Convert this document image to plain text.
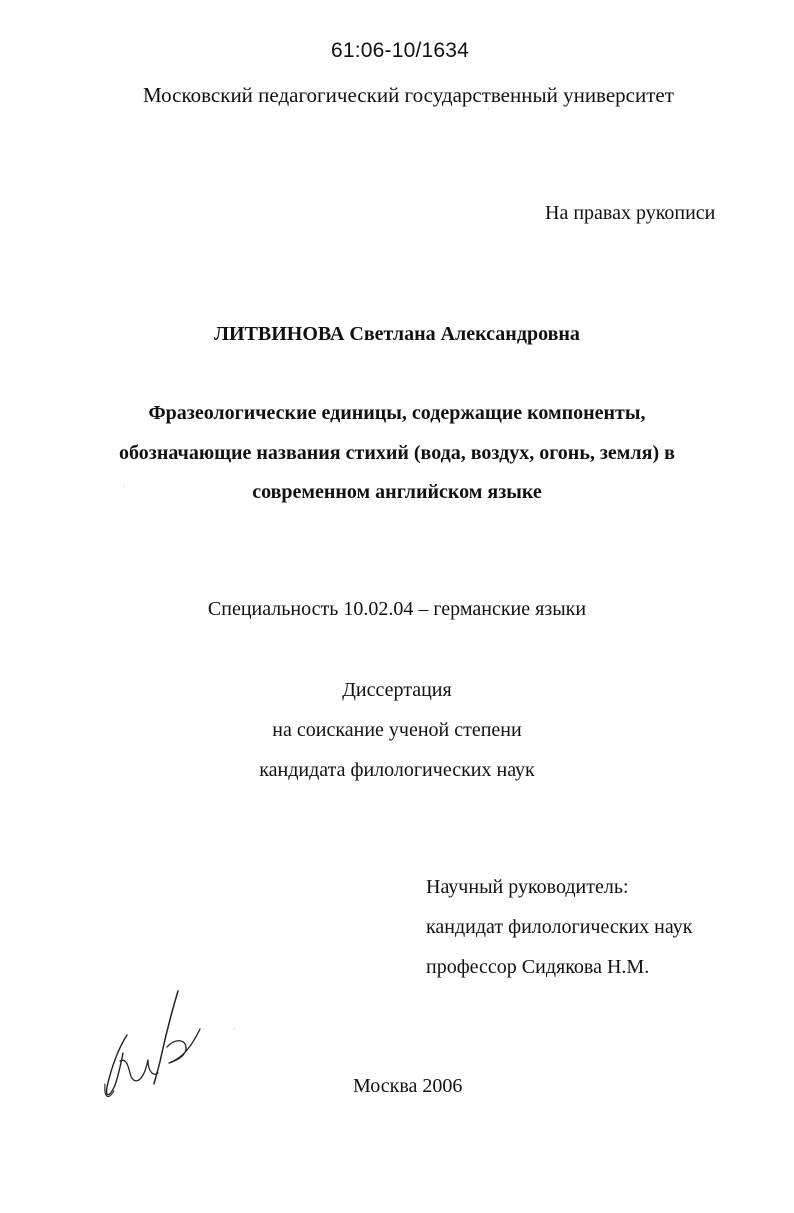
61:06-10/1634
Московский педагогический государственный университет
На правах рукописи
ЛИТВИНОВА Светлана Александровна
Фразеологические единицы, содержащие компоненты,
обозначающие названия стихий (вода, воздух, огонь, земля) в
современном английском языке
Специальность 10.02.04 – германские языки
Диссертация
на соискание ученой степени
кандидата филологических наук
Научный руководитель:
кандидат филологических наук
профессор Сидякова Н.М.
Москва 2006
